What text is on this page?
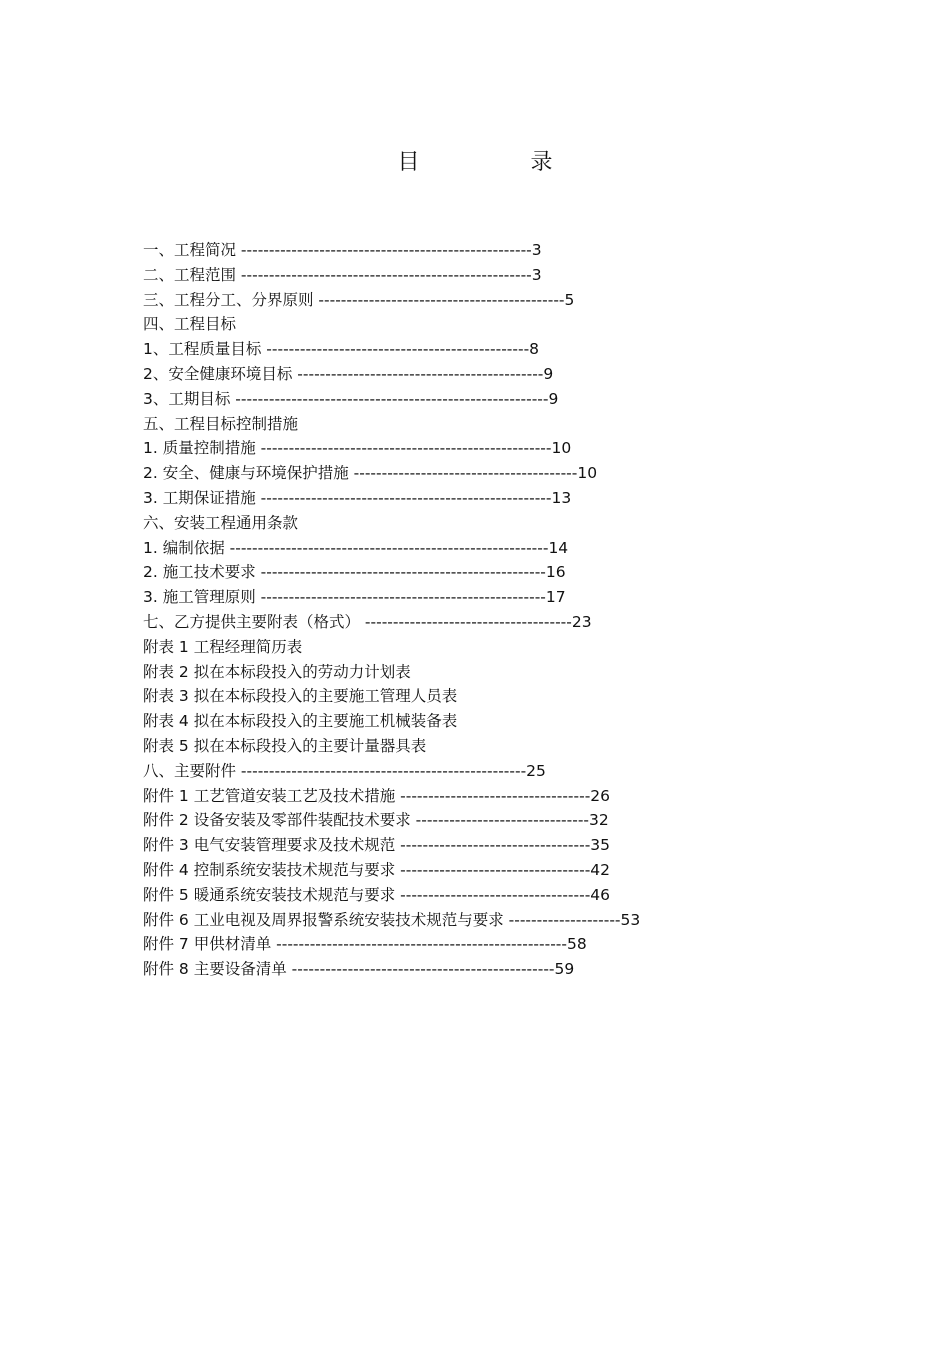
目 录
一、工程简况 ----------------------------------------------------3
二、工程范围 ----------------------------------------------------3
三、工程分工、分界原则 --------------------------------------------5
四、工程目标
1、工程质量目标 -----------------------------------------------8
2、安全健康环境目标 --------------------------------------------9
3、工期目标 --------------------------------------------------------9
五、工程目标控制措施
1. 质量控制措施 ----------------------------------------------------10
2. 安全、健康与环境保护措施 ----------------------------------------10
3. 工期保证措施 ----------------------------------------------------13
六、安装工程通用条款
1. 编制依据 ---------------------------------------------------------14
2. 施工技术要求 ---------------------------------------------------16
3. 施工管理原则 ---------------------------------------------------17
七、乙方提供主要附表（格式） -------------------------------------23
附表 1 工程经理简历表
附表 2 拟在本标段投入的劳动力计划表
附表 3 拟在本标段投入的主要施工管理人员表
附表 4 拟在本标段投入的主要施工机械装备表
附表 5 拟在本标段投入的主要计量器具表
八、主要附件 ---------------------------------------------------25
附件 1 工艺管道安装工艺及技术措施 ----------------------------------26
附件 2 设备安装及零部件装配技术要求 -------------------------------32
附件 3 电气安装管理要求及技术规范 ----------------------------------35
附件 4 控制系统安装技术规范与要求 ----------------------------------42
附件 5 暖通系统安装技术规范与要求 ----------------------------------46
附件 6 工业电视及周界报警系统安装技术规范与要求 --------------------53
附件 7 甲供材清单 ----------------------------------------------------58
附件 8 主要设备清单 -----------------------------------------------59
